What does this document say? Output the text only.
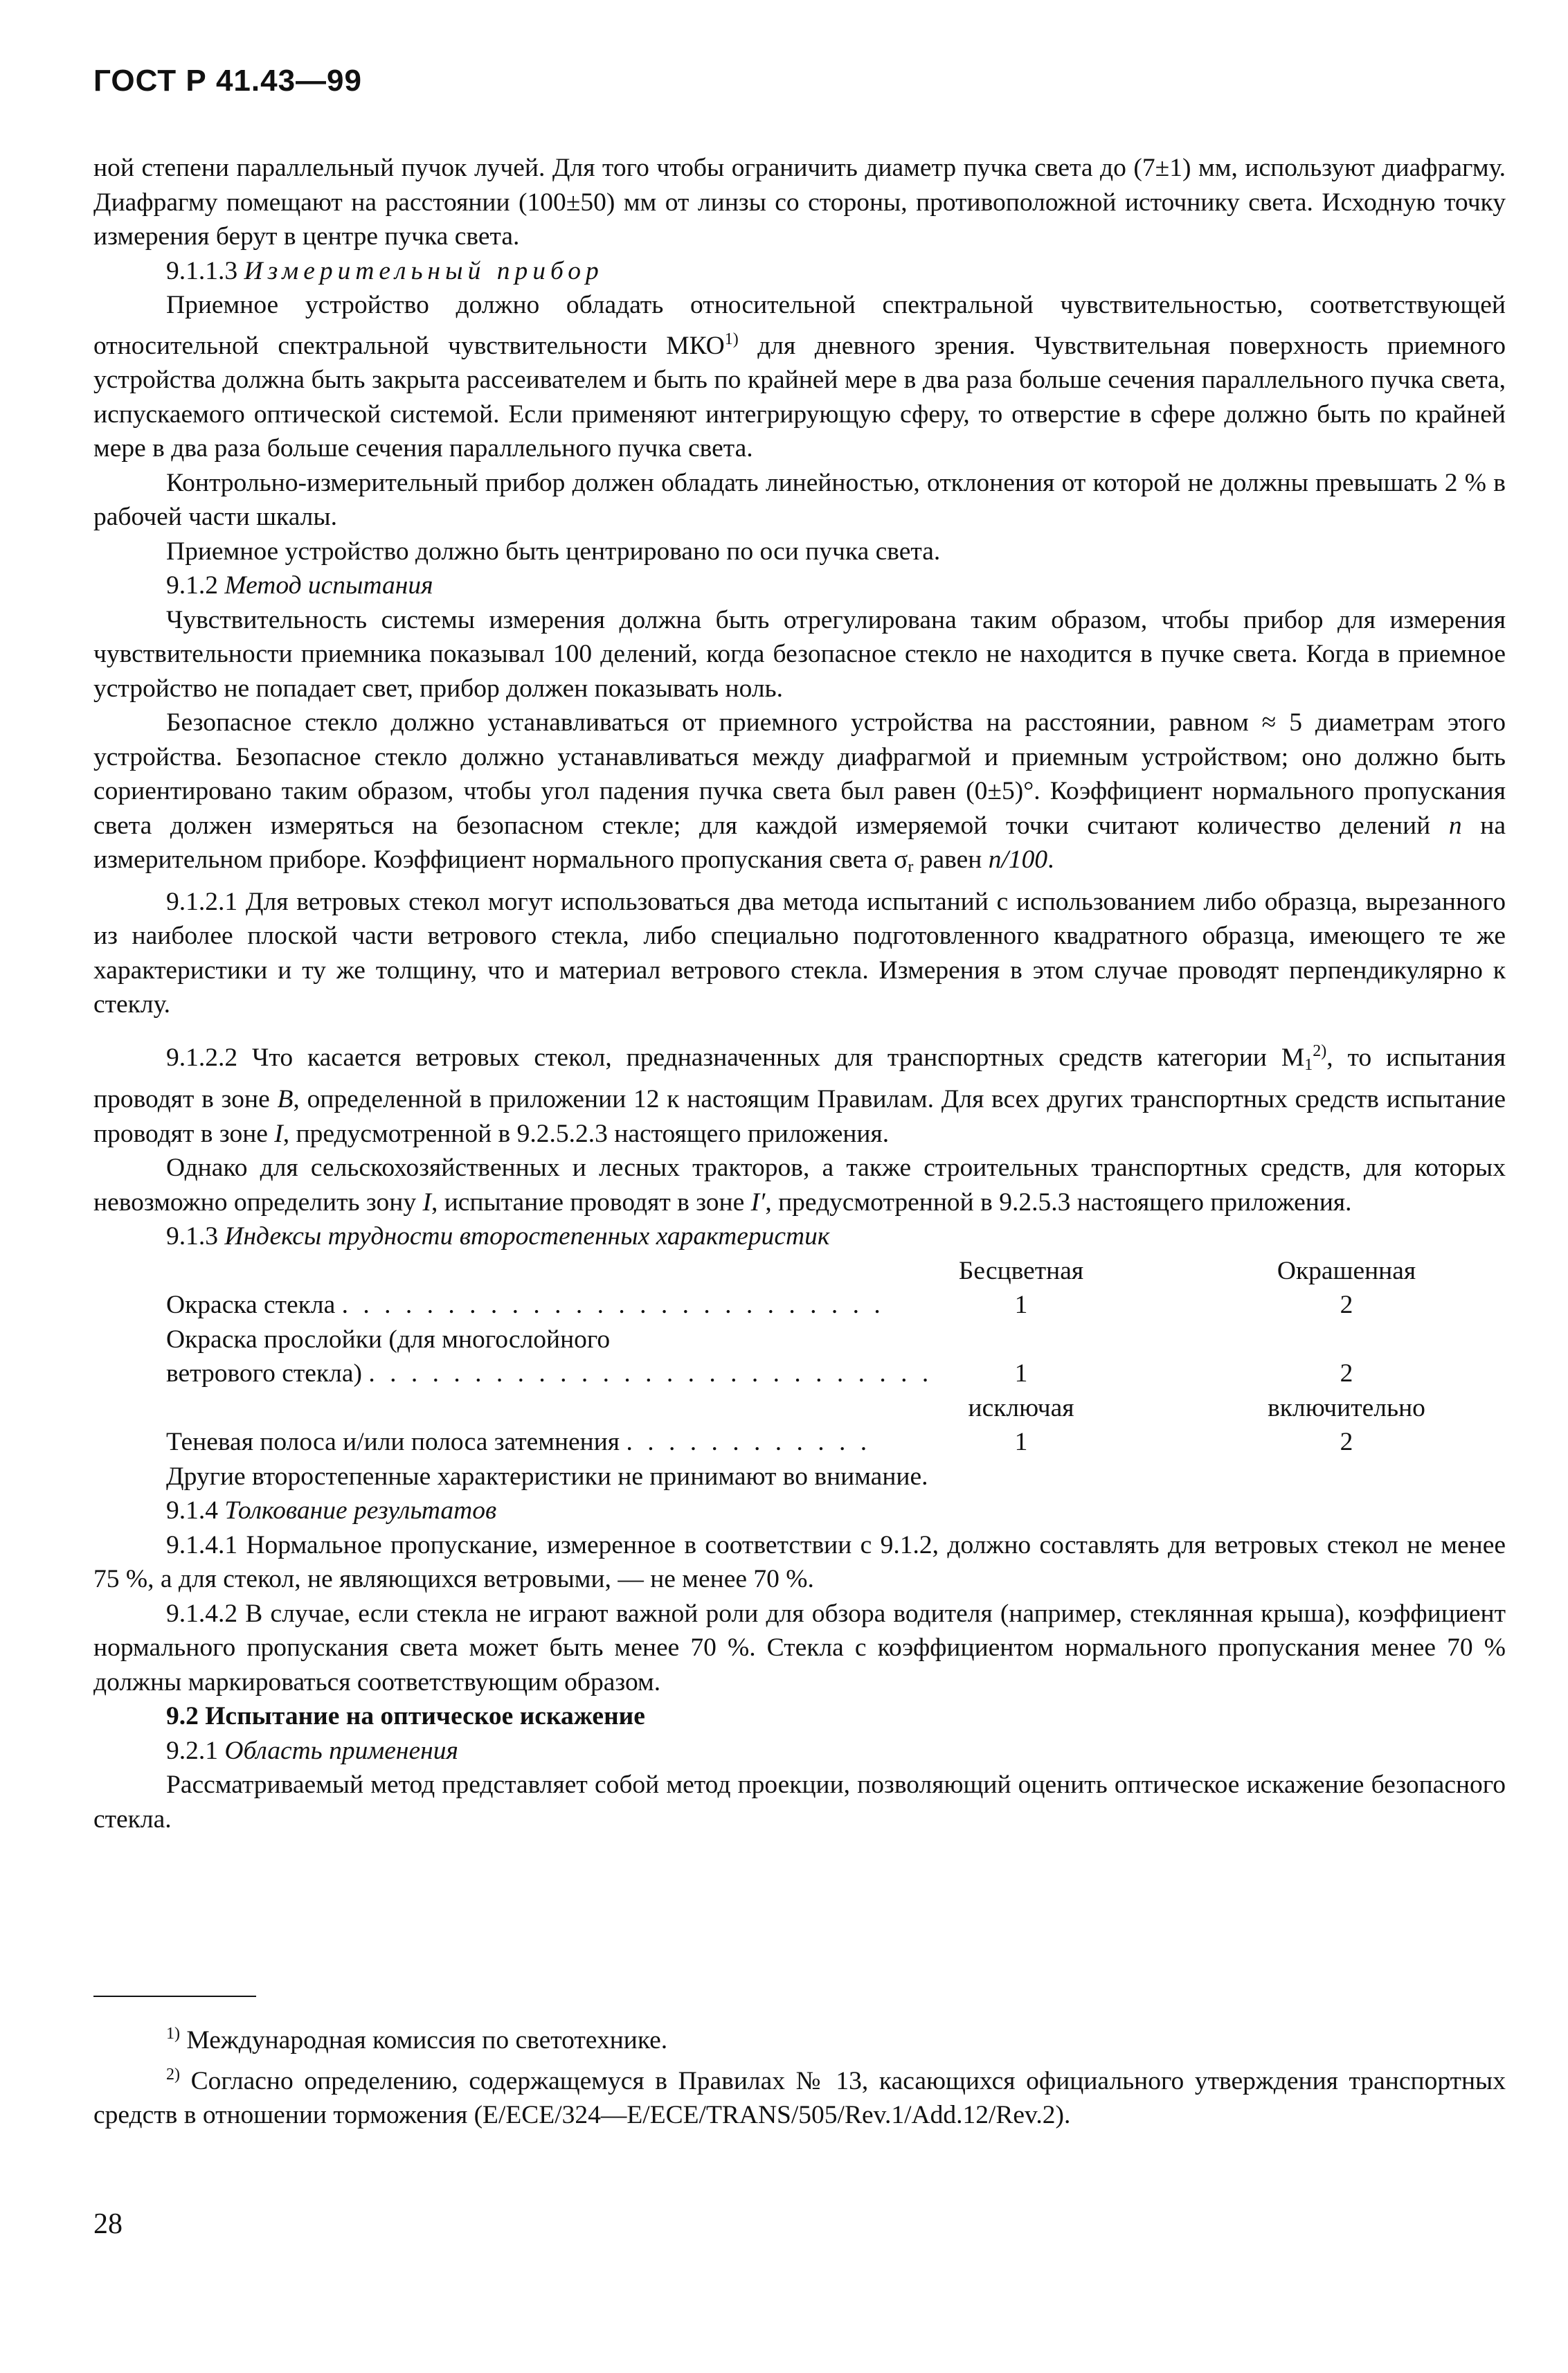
ГОСТ Р 41.43—99

ной степени параллельный пучок лучей. Для того чтобы ограничить диаметр пучка света до (7±1) мм, используют диафрагму. Диафрагму помещают на расстоянии (100±50) мм от линзы со стороны, противоположной источнику света. Исходную точку измерения берут в центре пучка света.

9.1.1.3 Измерительный прибор

Приемное устройство должно обладать относительной спектральной чувствительностью, соответствующей относительной спектральной чувствительности МКО$^{1)}$ для дневного зрения. Чувствительная поверхность приемного устройства должна быть закрыта рассеивателем и быть по крайней мере в два раза больше сечения параллельного пучка света, испускаемого оптической системой. Если применяют интегрирующую сферу, то отверстие в сфере должно быть по крайней мере в два раза больше сечения параллельного пучка света.

Контрольно-измерительный прибор должен обладать линейностью, отклонения от которой не должны превышать 2 % в рабочей части шкалы.

Приемное устройство должно быть центрировано по оси пучка света.

9.1.2 Метод испытания

Чувствительность системы измерения должна быть отрегулирована таким образом, чтобы прибор для измерения чувствительности приемника показывал 100 делений, когда безопасное стекло не находится в пучке света. Когда в приемное устройство не попадает свет, прибор должен показывать ноль.

Безопасное стекло должно устанавливаться от приемного устройства на расстоянии, равном ≈ 5 диаметрам этого устройства. Безопасное стекло должно устанавливаться между диафрагмой и приемным устройством; оно должно быть сориентировано таким образом, чтобы угол падения пучка света был равен (0±5)°. Коэффициент нормального пропускания света должен измеряться на безопасном стекле; для каждой измеряемой точки считают количество делений n на измерительном приборе. Коэффициент нормального пропускания света $\sigma_r$ равен n/100.

9.1.2.1 Для ветровых стекол могут использоваться два метода испытаний с использованием либо образца, вырезанного из наиболее плоской части ветрового стекла, либо специально подготовленного квадратного образца, имеющего те же характеристики и ту же толщину, что и материал ветрового стекла. Измерения в этом случае проводят перпендикулярно к стеклу.

9.1.2.2 Что касается ветровых стекол, предназначенных для транспортных средств категории $M_1^{2)}$, то испытания проводят в зоне B, определенной в приложении 12 к настоящим Правилам. Для всех других транспортных средств испытание проводят в зоне I, предусмотренной в 9.2.5.2.3 настоящего приложения.

Однако для сельскохозяйственных и лесных тракторов, а также строительных транспортных средств, для которых невозможно определить зону I, испытание проводят в зоне I′, предусмотренной в 9.2.5.3 настоящего приложения.

9.1.3 Индексы трудности второстепенных характеристик

Бесцветная	Окрашенная
Окраска стекла . . . . . . . . . . . . . . . . . . . . . . . . . .	1	2
Окраска прослойки (для многослойного
ветрового стекла) . . . . . . . . . . . . . . . . . . . . . . . . . . .	1	2
исключая	включительно
Теневая полоса и/или полоса затемнения . . . . . . . . . . . .	1	2

Другие второстепенные характеристики не принимают во внимание.

9.1.4 Толкование результатов

9.1.4.1 Нормальное пропускание, измеренное в соответствии с 9.1.2, должно составлять для ветровых стекол не менее 75 %, а для стекол, не являющихся ветровыми, — не менее 70 %.

9.1.4.2 В случае, если стекла не играют важной роли для обзора водителя (например, стеклянная крыша), коэффициент нормального пропускания света может быть менее 70 %. Стекла с коэффициентом нормального пропускания менее 70 % должны маркироваться соответствующим образом.

9.2 Испытание на оптическое искажение

9.2.1 Область применения

Рассматриваемый метод представляет собой метод проекции, позволяющий оценить оптическое искажение безопасного стекла.

$^{1)}$ Международная комиссия по светотехнике.

$^{2)}$ Согласно определению, содержащемуся в Правилах № 13, касающихся официального утверждения транспортных средств в отношении торможения (E/ECE/324—E/ECE/TRANS/505/Rev.1/Add.12/Rev.2).

28
